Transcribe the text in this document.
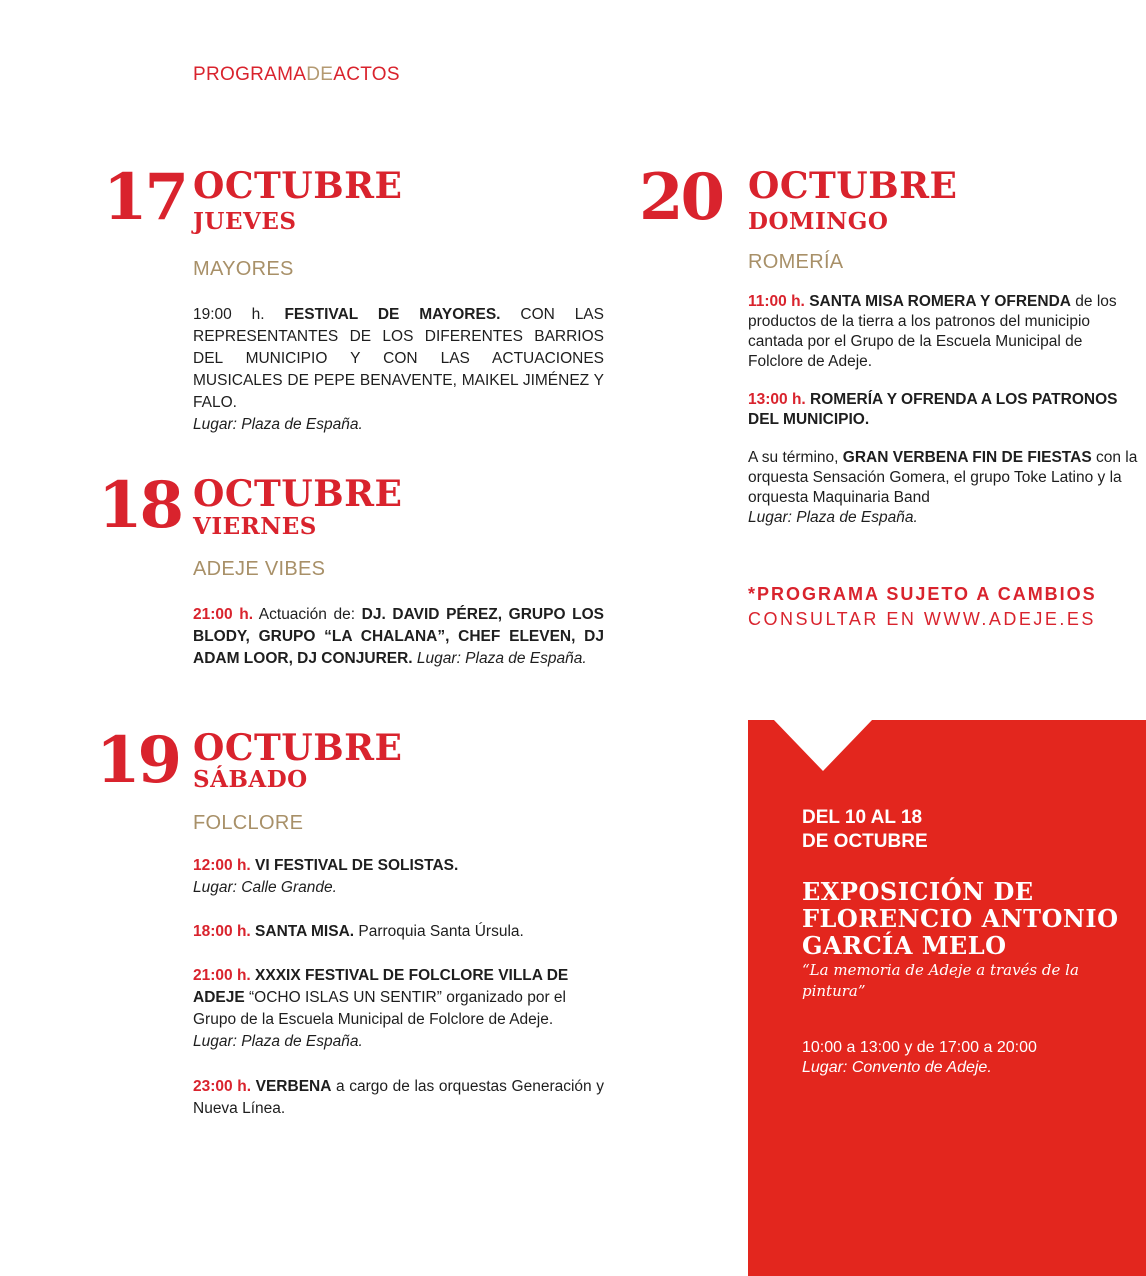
PROGRAMADEACTOS
17 OCTUBRE
JUEVES
MAYORES
19:00 h. FESTIVAL DE MAYORES. CON LAS REPRESENTANTES DE LOS DIFERENTES BARRIOS DEL MUNICIPIO Y CON LAS ACTUACIONES MUSICALES DE PEPE BENAVENTE, MAIKEL JIMÉNEZ Y FALO.
Lugar: Plaza de España.
18 OCTUBRE
VIERNES
ADEJE VIBES
21:00 h. Actuación de: DJ. DAVID PÉREZ, GRUPO LOS BLODY, GRUPO “LA CHALANA”, CHEF ELEVEN, DJ ADAM LOOR, DJ CONJURER. Lugar: Plaza de España.
19 OCTUBRE
SÁBADO
FOLCLORE
12:00 h. VI FESTIVAL DE SOLISTAS.
Lugar: Calle Grande.
18:00 h. SANTA MISA. Parroquia Santa Úrsula.
21:00 h. XXXIX FESTIVAL DE FOLCLORE VILLA DE ADEJE “OCHO ISLAS UN SENTIR” organizado por el Grupo de la Escuela Municipal de Folclore de Adeje.
Lugar: Plaza de España.
23:00 h. VERBENA a cargo de las orquestas Generación y Nueva Línea.
20 OCTUBRE
DOMINGO
ROMERÍA
11:00 h. SANTA MISA ROMERA Y OFRENDA de los productos de la tierra a los patronos del municipio cantada por el Grupo de la Escuela Municipal de Folclore de Adeje.
13:00 h. ROMERÍA Y OFRENDA A LOS PATRONOS DEL MUNICIPIO.
A su término, GRAN VERBENA FIN DE FIESTAS con la orquesta Sensación Gomera, el grupo Toke Latino y la orquesta Maquinaria Band
Lugar: Plaza de España.
*PROGRAMA SUJETO A CAMBIOS
CONSULTAR EN WWW.ADEJE.ES
DEL 10 AL 18
DE OCTUBRE
EXPOSICIÓN DE
FLORENCIO ANTONIO
GARCÍA MELO
“La memoria de Adeje a través de la pintura”
10:00 a 13:00 y de 17:00 a 20:00
Lugar: Convento de Adeje.
